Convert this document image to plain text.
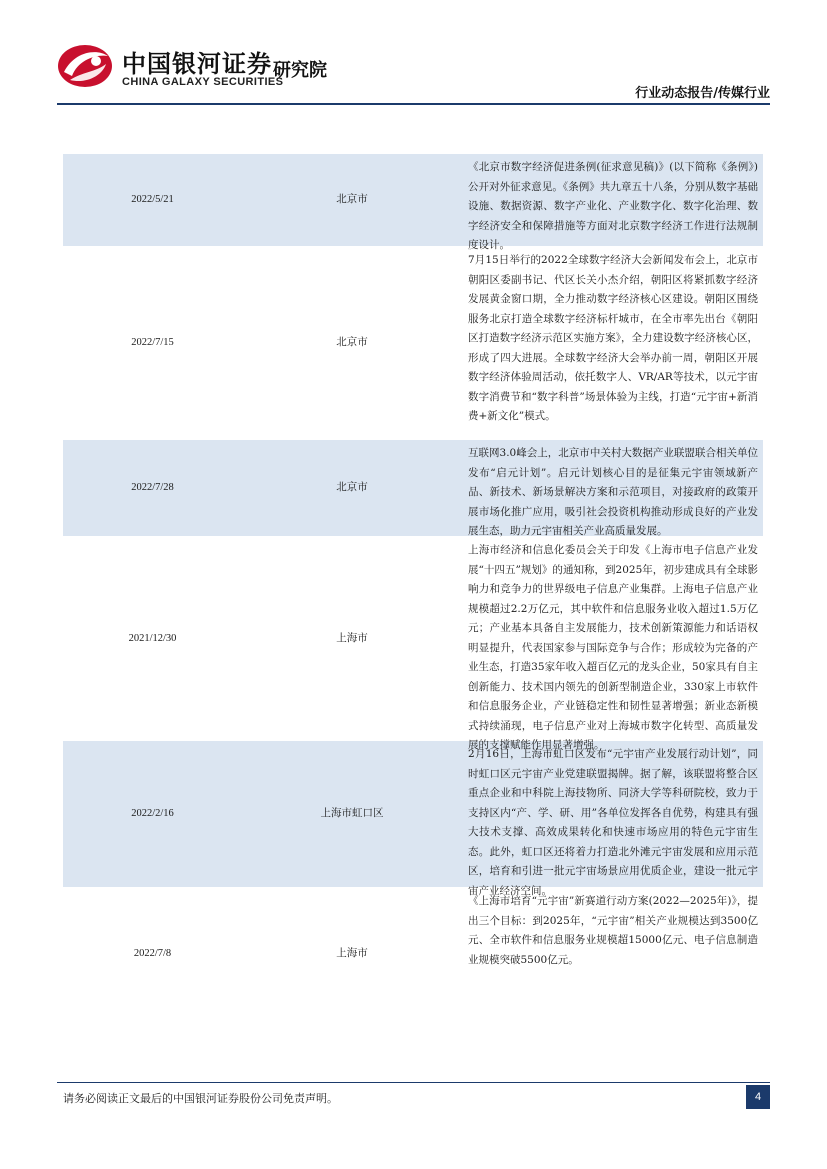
中国银河证券
CHINA GALAXY SECURITIES
研究院
行业动态报告/传媒行业
2022/5/21	北京市
《北京市数字经济促进条例(征求意见稿)》(以下简称《条例》)公开对外征求意见。《条例》共九章五十八条，分别从数字基础设施、数据资源、数字产业化、产业数字化、数字化治理、数字经济安全和保障措施等方面对北京数字经济工作进行法规制度设计。
2022/7/15	北京市
7月15日举行的2022全球数字经济大会新闻发布会上，北京市朝阳区委副书记、代区长关小杰介绍，朝阳区将紧抓数字经济发展黄金窗口期，全力推动数字经济核心区建设。朝阳区围绕服务北京打造全球数字经济标杆城市，在全市率先出台《朝阳区打造数字经济示范区实施方案》，全力建设数字经济核心区，形成了四大进展。全球数字经济大会举办前一周，朝阳区开展数字经济体验周活动，依托数字人、VR/AR等技术，以元宇宙数字消费节和“数字科普”场景体验为主线，打造“元宇宙+新消费+新文化”模式。
2022/7/28	北京市
互联网3.0峰会上，北京市中关村大数据产业联盟联合相关单位发布“启元计划”。启元计划核心目的是征集元宇宙领域新产品、新技术、新场景解决方案和示范项目，对接政府的政策开展市场化推广应用，吸引社会投资机构推动形成良好的产业发展生态，助力元宇宙相关产业高质量发展。
2021/12/30	上海市
上海市经济和信息化委员会关于印发《上海市电子信息产业发展“十四五”规划》的通知称，到2025年，初步建成具有全球影响力和竞争力的世界级电子信息产业集群。上海电子信息产业规模超过2.2万亿元，其中软件和信息服务业收入超过1.5万亿元；产业基本具备自主发展能力，技术创新策源能力和话语权明显提升，代表国家参与国际竞争与合作；形成较为完备的产业生态，打造35家年收入超百亿元的龙头企业，50家具有自主创新能力、技术国内领先的创新型制造企业，330家上市软件和信息服务企业，产业链稳定性和韧性显著增强；新业态新模式持续涌现，电子信息产业对上海城市数字化转型、高质量发展的支撑赋能作用显著增强。
2022/2/16	上海市虹口区
2月16日，上海市虹口区发布“元宇宙产业发展行动计划”，同时虹口区元宇宙产业党建联盟揭牌。据了解，该联盟将整合区重点企业和中科院上海技物所、同济大学等科研院校，致力于支持区内“产、学、研、用”各单位发挥各自优势，构建具有强大技术支撑、高效成果转化和快速市场应用的特色元宇宙生态。此外，虹口区还将着力打造北外滩元宇宙发展和应用示范区，培育和引进一批元宇宙场景应用优质企业，建设一批元宇宙产业经济空间。
2022/7/8	上海市
《上海市培育“元宇宙”新赛道行动方案(2022—2025年)》，提出三个目标：到2025年，“元宇宙”相关产业规模达到3500亿元、全市软件和信息服务业规模超15000亿元、电子信息制造业规模突破5500亿元。
请务必阅读正文最后的中国银河证券股份公司免责声明。	4
